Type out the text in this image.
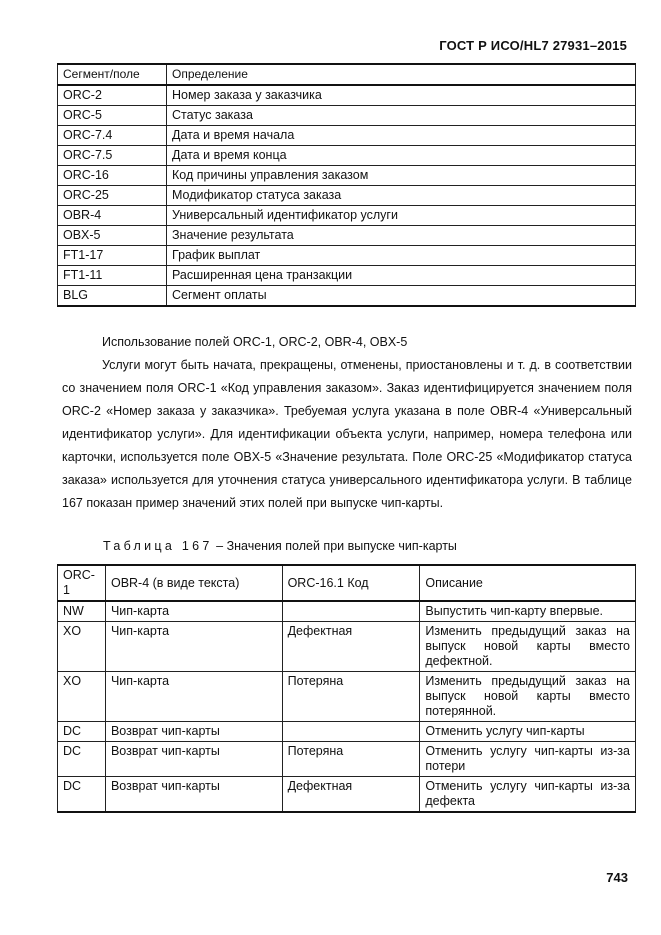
ГОСТ Р ИСО/HL7 27931–2015
Сегмент/поле	Определение
ORC-2	Номер заказа у заказчика
ORC-5	Статус заказа
ORC-7.4	Дата и время начала
ORC-7.5	Дата и время конца
ORC-16	Код причины управления заказом
ORC-25	Модификатор статуса заказа
OBR-4	Универсальный идентификатор услуги
OBX-5	Значение результата
FT1-17	График выплат
FT1-11	Расширенная цена транзакции
BLG	Сегмент оплаты
Использование полей ORC-1, ORC-2, OBR-4, OBX-5
Услуги могут быть начата, прекращены, отменены, приостановлены и т. д. в соответствии со значением поля ORC-1 «Код управления заказом». Заказ идентифицируется значением поля ORC-2 «Номер заказа у заказчика». Требуемая услуга указана в поле OBR-4 «Универсальный идентификатор услуги». Для идентификации объекта услуги, например, номера телефона или карточки, используется поле OBX-5 «Значение результата. Поле ORC-25 «Модификатор статуса заказа» используется для уточнения статуса универсального идентификатора услуги. В таблице 167 показан пример значений этих полей при выпуске чип-карты.
Таблица 167 – Значения полей при выпуске чип-карты
ORC-1	OBR-4 (в виде текста)	ORC-16.1 Код	Описание
NW	Чип-карта		Выпустить чип-карту впервые.
XO	Чип-карта	Дефектная	Изменить предыдущий заказ на выпуск новой карты вместо дефектной.
XO	Чип-карта	Потеряна	Изменить предыдущий заказ на выпуск новой карты вместо потерянной.
DC	Возврат чип-карты		Отменить услугу чип-карты
DC	Возврат чип-карты	Потеряна	Отменить услугу чип-карты из-за потери
DC	Возврат чип-карты	Дефектная	Отменить услугу чип-карты из-за дефекта
743
